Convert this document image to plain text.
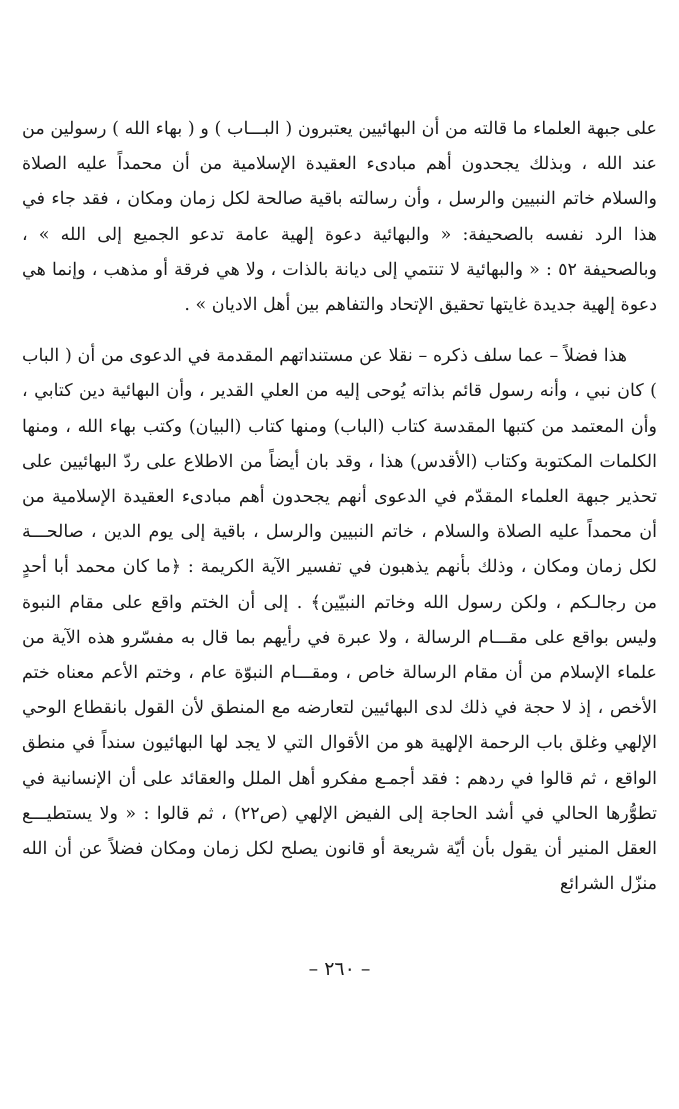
على جبهة العلماء ما قالته من أن البهائيين يعتبرون ( البـــاب ) و ( بهاء الله ) رسولين من عند الله ، وبذلك يجحدون أهم مبادىء العقيدة الإسلامية من أن محمداً عليه الصلاة والسلام خاتم النبيين والرسل ، وأن رسالته باقية صالحة لكل زمان ومكان ، فقد جاء في هذا الرد نفسه بالصحيفة: « والبهائية دعوة إلهية عامة تدعو الجميع إلى الله » ، وبالصحيفة ٥٢ : « والبهائية لا تنتمي إلى ديانة بالذات ، ولا هي فرقة أو مذهب ، وإنما هي دعوة إلهية جديدة غايتها تحقيق الإتحاد والتفاهم بين أهل الاديان » .

هذا فضلاً – عما سلف ذكره – نقلا عن مستنداتهم المقدمة في الدعوى من أن ( الباب ) كان نبي ، وأنه رسول قائم بذاته يُوحى إليه من العلي القدير ، وأن البهائية دين كتابي ، وأن المعتمد من كتبها المقدسة كتاب (الباب) ومنها كتاب (البيان) وكتب بهاء الله ، ومنها الكلمات المكتوبة وكتاب (الأقدس) هذا ، وقد بان أيضاً من الاطلاع على ردّ البهائيين على تحذير جبهة العلماء المقدّم في الدعوى أنهم يجحدون أهم مبادىء العقيدة الإسلامية من أن محمداً عليه الصلاة والسلام ، خاتم النبيين والرسل ، باقية إلى يوم الدين ، صالحـــة لكل زمان ومكان ، وذلك بأنهم يذهبون في تفسير الآية الكريمة : ﴿ما كان محمد أبا أحدٍ من رجالـكم ، ولكن رسول الله وخاتم النبيّين﴾ . إلى أن الختم واقع على مقام النبوة وليس بواقع على مقـــام الرسالة ، ولا عبرة في رأيهم بما قال به مفسّرو هذه الآية من علماء الإسلام من أن مقام الرسالة خاص ، ومقـــام النبوّة عام ، وختم الأعم معناه ختم الأخص ، إذ لا حجة في ذلك لدى البهائيين لتعارضه مع المنطق لأن القول بانقطاع الوحي الإلهي وغلق باب الرحمة الإلهية هو من الأقوال التي لا يجد لها البهائيون سنداً في منطق الواقع ، ثم قالوا في ردهم : فقد أجمـع مفكرو أهل الملل والعقائد على أن الإنسانية في تطوُّرها الحالي في أشد الحاجة إلى الفيض الإلهي (ص٢٢) ، ثم قالوا : « ولا يستطيـــع العقل المنير أن يقول بأن أيّة شريعة أو قانون يصلح لكل زمان ومكان فضلاً عن أن الله منزّل الشرائع

– ٢٦٠ –
